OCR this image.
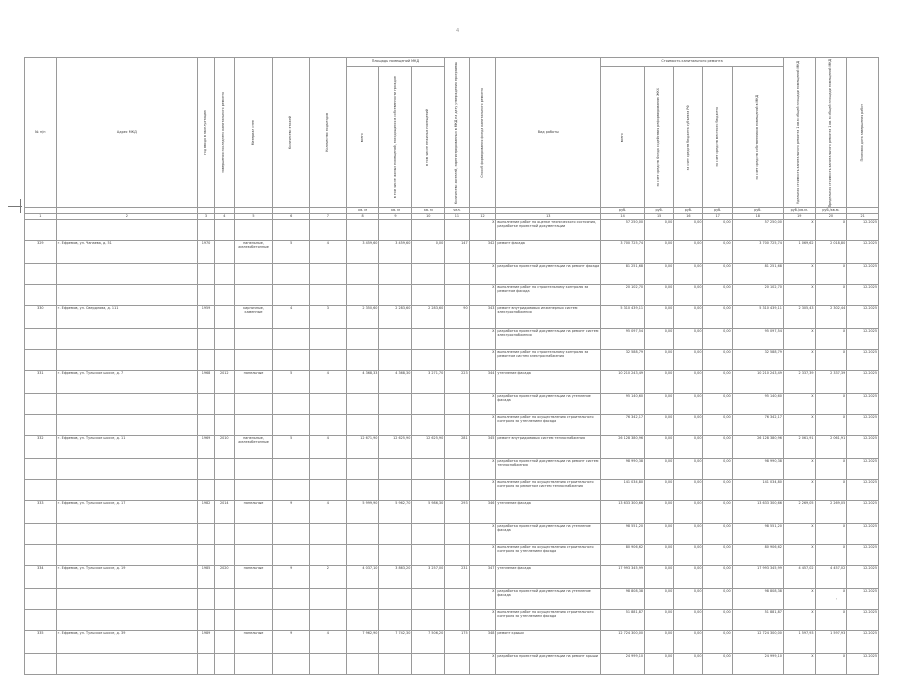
4
'
№ п/п	Адрес МКД	год ввода в эксплуатацию	завершения последнего капитального ремонта	Материал стен	Количество этажей	Количество подъездов	Площадь помещений МКД			Количество жителей, зарегистрированных в МКД на дату утверждения программы	Способ формирования фонда капитального ремонта	Вид работы	Стоимость капитального ремонта					Удельная стоимость капитального ремонта 1 кв.м общей площади помещений МКД	Предельная стоимость капитального ремонта 1 кв. м общей площади помещений МКД	Плановая дата завершения работ

							всего	в том числе жилых помещений, находящихся в собственности граждан	в том числе нежилых помещений				всего	за счет средств Фонда содействия реформированию ЖКХ	за счет средств бюджета субъекта РФ	за счет средств местного бюджета	за счет средств собственников помещений в МКД			

							кв. м	кв. м	кв. м	чел.			руб.	руб.	руб.	руб.	руб.	руб./кв.м.	руб./кв.м.	
1	2	3	4	5	6	7	8	9	10	11	12	13	14	15	16	17	18	19	20	21
											X	выполнение работ по оценке технического состояния, разработке проектной документации	57 250,00	0,00	0,00	0,00	57 250,00	X	X	12.2025
329	г. Ефремов, ул. Чапаева, д. 51	1970		панельные, железобетонные	5	4	3 459,60	3 459,60	0,00	147	342	ремонт фасада	3 700 725,74	0,00	0,00	0,00	3 700 725,74	1 069,62	2 018,80	12.2025
											X	разработка проектной документации на ремонт фасада	81 251,68	0,00	0,00	0,00	81 251,68	X	X	12.2025
											X	выполнение работ по строительному контролю за ремонтом фасада	20 102,70	0,00	0,00	0,00	20 102,70	X	X	12.2025
330	г. Ефремов, ул. Свердлова, д. 111	1959		кирпичные, каменные	4	3	2 350,60	2 283,60	2 283,60	90	343	ремонт внутридомовых инженерных систем электроснабжения	5 310 439,11	0,00	0,00	0,00	5 310 439,11	2 305,43	2 302,44	12.2025
											X	разработка проектной документации на ремонт систем электроснабжения	95 097,54	0,00	0,00	0,00	95 097,54	X	X	12.2025
											X	выполнение работ по строительному контролю за ремонтом систем электроснабжения	32 588,79	0,00	0,00	0,00	32 588,79	X	X	12.2025
331	г. Ефремов, ул. Тульское шоссе, д. 7	1968	2012	панельные	5	4	4 368,33	4 368,30	3 271,70	223	344	утепление фасада	10 210 243,49	0,00	0,00	0,00	10 210 243,49	2 337,39	2 337,39	12.2025
											X	разработка проектной документации на утепление фасада	95 140,60	0,00	0,00	0,00	95 140,60	X	X	12.2025
											X	выполнение работ по осуществлению строительного контроля за утеплением фасада	76 342,17	0,00	0,00	0,00	76 342,17	X	X	12.2025
332	г. Ефремов, ул. Тульское шоссе, д. 11	1969	2010	панельные, железобетонные	5	4	12 671,90	12 625,90	12 625,90	281	345	ремонт внутридомовых систем теплоснабжения	26 128 380,96	0,00	0,00	0,00	26 128 380,96	2 061,91	2 061,91	12.2025
											X	разработка проектной документации на ремонт систем теплоснабжения	98 990,38	0,00	0,00	0,00	98 990,38	X	X	12.2025
											X	выполнение работ по осуществлению строительного контроля за ремонтом систем теплоснабжения	141 034,80	0,00	0,00	0,00	141 034,80	X	X	12.2025
333	г. Ефремов, ул. Тульское шоссе, д. 17	1982	2014	панельные	9	4	5 999,90	5 962,70	5 986,30	293	346	утепление фасада	13 633 300,66	0,00	0,00	0,00	13 633 300,66	2 269,05	2 269,05	12.2025
											X	разработка проектной документации на утепление фасада	98 551,20	0,00	0,00	0,00	98 551,20	X	X	12.2025
											X	выполнение работ по осуществлению строительного контроля за утеплением фасада	80 906,62	0,00	0,00	0,00	80 906,62	X	X	12.2025
334	г. Ефремов, ул. Тульское шоссе, д. 19	1985	2020	панельные	9	2	4 037,10	3 863,20	3 257,00	231	347	утепление фасада	17 993 345,99	0,00	0,00	0,00	17 993 345,99	4 457,02	4 457,02	12.2025
											X	разработка проектной документации на утепление фасада	98 808,38	0,00	0,00	0,00	98 808,38	X	X	12.2025
											X	выполнение работ по осуществлению строительного контроля за утеплением фасада	51 881,87	0,00	0,00	0,00	51 881,87	X	X	12.2025
335	г. Ефремов, ул. Тульское шоссе, д. 39	1989		панельные	9	4	7 962,90	7 742,30	7 506,20	175	348	ремонт крыши	12 724 300,00	0,00	0,00	0,00	12 724 300,00	1 597,93	1 597,93	12.2025
											X	разработка проектной документации на ремонт крыши	24 999,10	0,00	0,00	0,00	24 999,10	X	X	12.2025
